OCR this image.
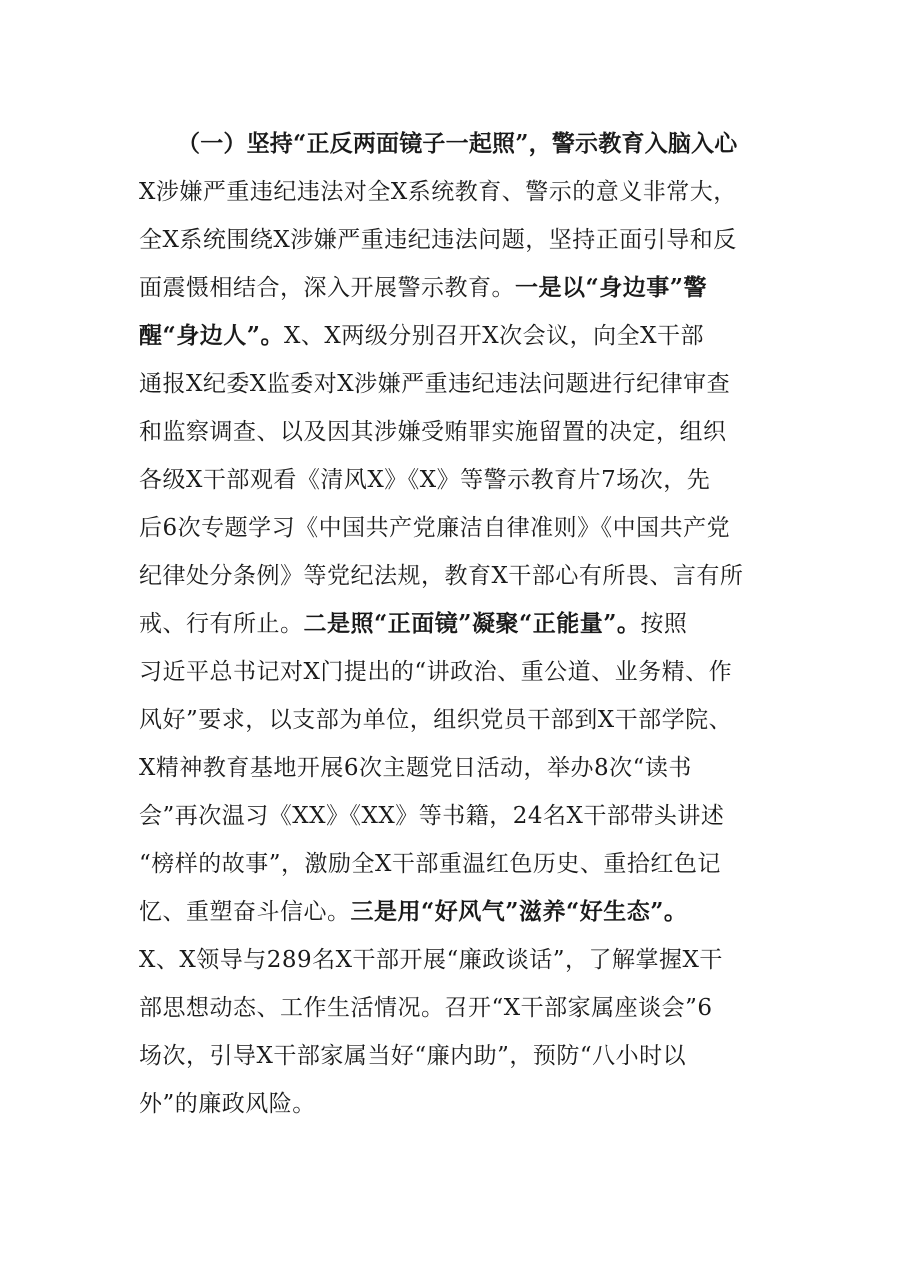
（一）坚持“正反两面镜子一起照”，警示教育入脑入心
X涉嫌严重违纪违法对全X系统教育、警示的意义非常大，
全X系统围绕X涉嫌严重违纪违法问题，坚持正面引导和反
面震慑相结合，深入开展警示教育。一是以“身边事”警
醒“身边人”。X、X两级分别召开X次会议，向全X干部
通报X纪委X监委对X涉嫌严重违纪违法问题进行纪律审查
和监察调查、以及因其涉嫌受贿罪实施留置的决定，组织
各级X干部观看《清风X》《X》等警示教育片7场次，先
后6次专题学习《中国共产党廉洁自律准则》《中国共产党
纪律处分条例》等党纪法规，教育X干部心有所畏、言有所
戒、行有所止。二是照“正面镜”凝聚“正能量”。按照
习近平总书记对X门提出的“讲政治、重公道、业务精、作
风好”要求，以支部为单位，组织党员干部到X干部学院、
X精神教育基地开展6次主题党日活动，举办8次“读书
会”再次温习《XX》《XX》等书籍，24名X干部带头讲述
“榜样的故事”，激励全X干部重温红色历史、重拾红色记
忆、重塑奋斗信心。三是用“好风气”滋养“好生态”。
X、X领导与289名X干部开展“廉政谈话”，了解掌握X干
部思想动态、工作生活情况。召开“X干部家属座谈会”6
场次，引导X干部家属当好“廉内助”，预防“八小时以
外”的廉政风险。
